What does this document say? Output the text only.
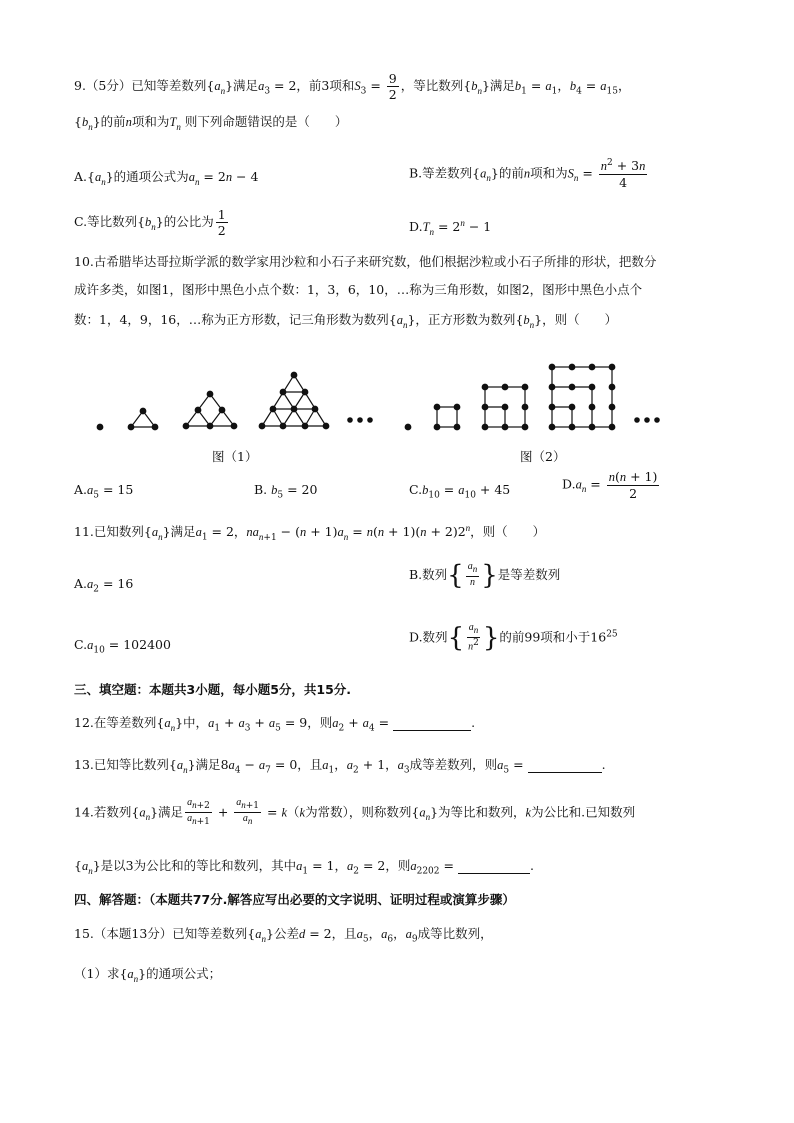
9.（5分）已知等差数列$\{a_n\}$满足$a_3 = 2$，前3项和$S_3 = \frac{9}{2}$ ，等比数列$\{b_n\}$满足$b_1 = a_1$，$b_4 = a_{15}$，
$\{b_n\}$的前n项和为$T_n$ 则下列命题错误的是（　　）
$A.\{a_n\}$的通项公式为$a_n = 2n - 4$	B.等差数列$\{a_n\}$的前n项和为$S_n = \frac{n^2 + 3n}{4}$
C.等比数列$\{b_n\}$的公比为 $\frac{1}{2}$	$D.T_n = 2^n - 1$
10.古希腊毕达哥拉斯学派的数学家用沙粒和小石子来研究数，他们根据沙粒或小石子所排的形状，把数分
成许多类，如图1，图形中黑色小点个数：1，3，6，10，…称为三角形数，如图2，图形中黑色小点个
数：1，4，9，16，…称为正方形数，记三角形数为数列$\{a_n\}$，正方形数为数列$\{b_n\}$，则（　　）
图（1）	图（2）
$A.a_5 = 15$	B. $b_5 = 20$	$C.b_{10} = a_{10} + 45$	$D.a_n = \frac{n(n + 1)}{2}$
11.已知数列$\{a_n\}$满足$a_1 = 2$，$na_{n+1} - (n + 1)a_n = n(n + 1)(n + 2)2^n$，则（　　）
$A.a_2 = 16$
B.数列{ $\frac{a_n}{n}$ }是等差数列
$C.a_{10} = 102400$	D.数列{ $\frac{a_n}{n^2}$ }的前99项和小于$16^{25}$
三、填空题：本题共3小题，每小题5分，共15分.
12.在等差数列$\{a_n\}$中，$a_1 + a_3 + a_5 = 9$，则$a_2 + a_4$ =	.
13.已知等比数列$\{a_n\}$满足$8a_4 - a_7 = 0$，且$a_1$，$a_2 + 1$，$a_3$成等差数列，则$a_5$ =	.
14.若数列$\{a_n\}$满足 $\frac{a_{n+2}}{a_{n+1}} + \frac{a_{n+1}}{a_n} = k(k$为常数），则称数列$\{a_n\}$为等比和数列，k为公比和.已知数列
$\{a_n\}$是以3为公比和的等比和数列，其中$a_1 = 1$，$a_2 = 2$，则$a_{2202}$ =	.
四、解答题：（本题共77分.解答应写出必要的文字说明、证明过程或演算步骤）
15.（本题13分）已知等差数列$\{a_n\}$公差d = 2，且$a_5$，$a_6$，$a_9$成等比数列，
（1）求$\{a_n\}$的通项公式；
